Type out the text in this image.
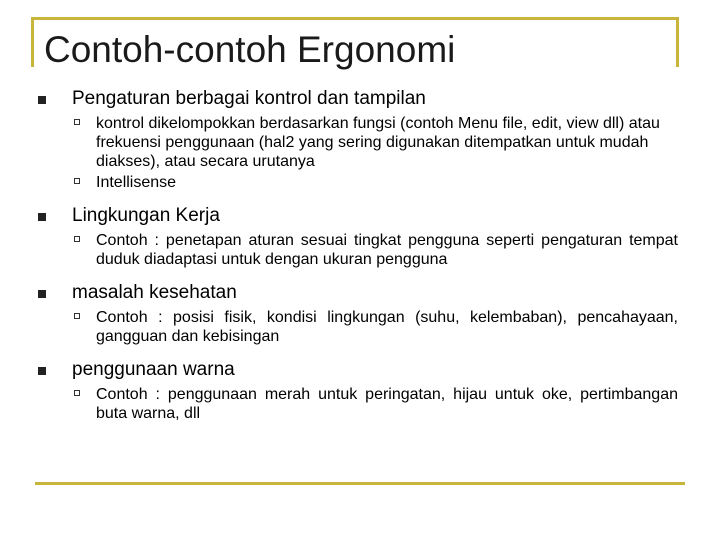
Contoh-contoh Ergonomi
Pengaturan berbagai kontrol dan tampilan
kontrol dikelompokkan berdasarkan fungsi (contoh Menu file, edit, view dll) atau frekuensi penggunaan (hal2 yang sering digunakan ditempatkan untuk mudah diakses), atau secara urutanya
Intellisense
Lingkungan Kerja
Contoh : penetapan aturan sesuai tingkat pengguna seperti pengaturan tempat duduk diadaptasi untuk dengan ukuran pengguna
masalah kesehatan
Contoh : posisi fisik, kondisi lingkungan (suhu, kelembaban), pencahayaan, gangguan dan kebisingan
penggunaan warna
Contoh : penggunaan merah untuk peringatan, hijau untuk oke, pertimbangan buta warna, dll
